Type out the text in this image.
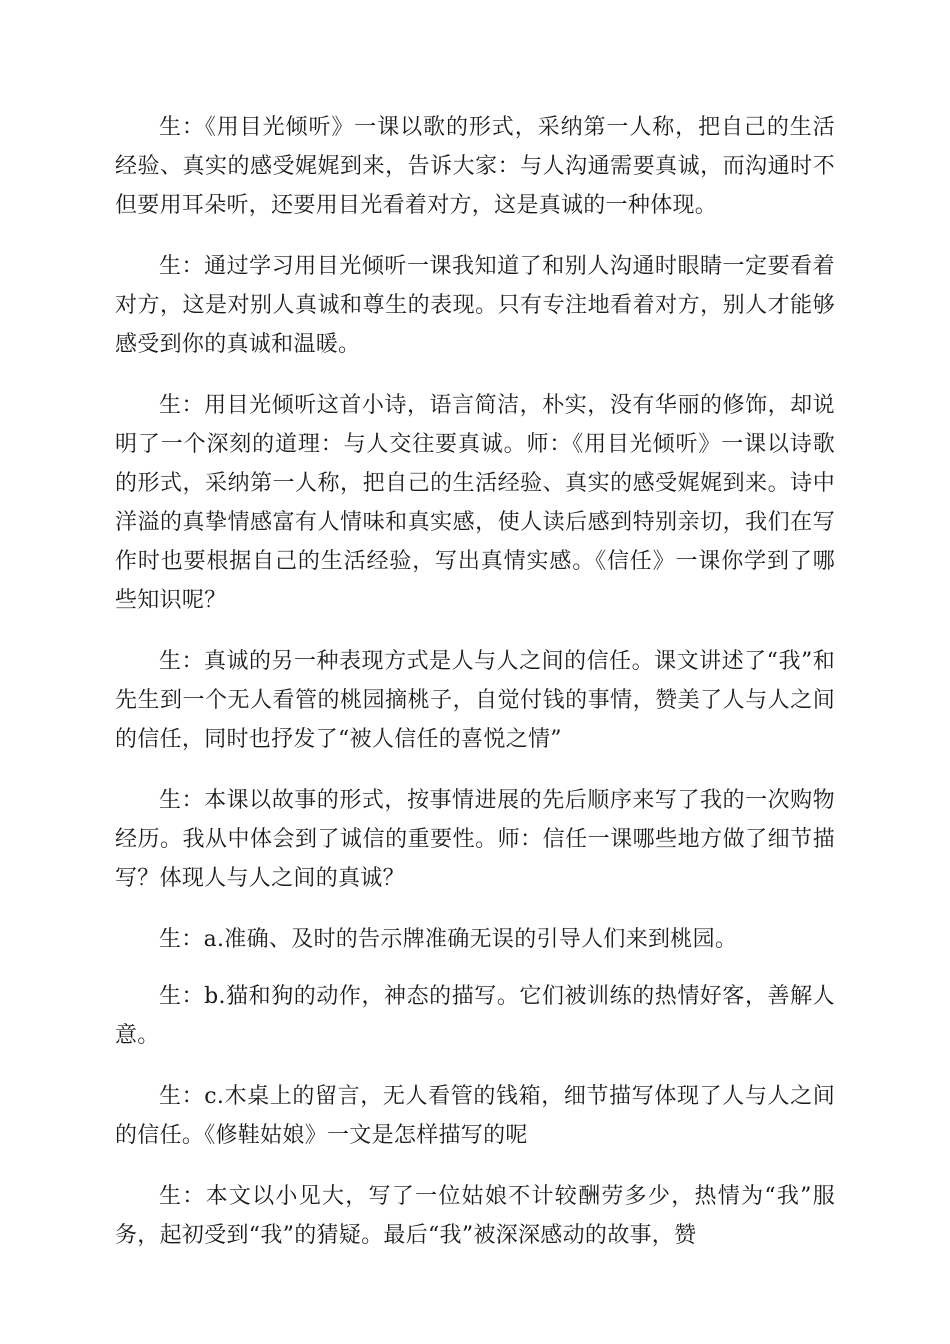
生：《用目光倾听》一课以歌的形式，采纳第一人称，把自己的生活经验、真实的感受娓娓到来，告诉大家：与人沟通需要真诚，而沟通时不但要用耳朵听，还要用目光看着对方，这是真诚的一种体现。

生：通过学习用目光倾听一课我知道了和别人沟通时眼睛一定要看着对方，这是对别人真诚和尊生的表现。只有专注地看着对方，别人才能够感受到你的真诚和温暖。

生：用目光倾听这首小诗，语言简洁，朴实，没有华丽的修饰，却说明了一个深刻的道理：与人交往要真诚。师：《用目光倾听》一课以诗歌的形式，采纳第一人称，把自己的生活经验、真实的感受娓娓到来。诗中洋溢的真挚情感富有人情味和真实感，使人读后感到特别亲切，我们在写作时也要根据自己的生活经验，写出真情实感。《信任》一课你学到了哪些知识呢？

生：真诚的另一种表现方式是人与人之间的信任。课文讲述了“我”和先生到一个无人看管的桃园摘桃子，自觉付钱的事情，赞美了人与人之间的信任，同时也抒发了“被人信任的喜悦之情”

生：本课以故事的形式，按事情进展的先后顺序来写了我的一次购物经历。我从中体会到了诚信的重要性。师：信任一课哪些地方做了细节描写？体现人与人之间的真诚？

生：a.准确、及时的告示牌准确无误的引导人们来到桃园。

生：b.猫和狗的动作，神态的描写。它们被训练的热情好客，善解人意。

生：c.木桌上的留言，无人看管的钱箱，细节描写体现了人与人之间的信任。《修鞋姑娘》一文是怎样描写的呢

生：本文以小见大，写了一位姑娘不计较酬劳多少，热情为“我”服务，起初受到“我”的猜疑。最后“我”被深深感动的故事，赞
